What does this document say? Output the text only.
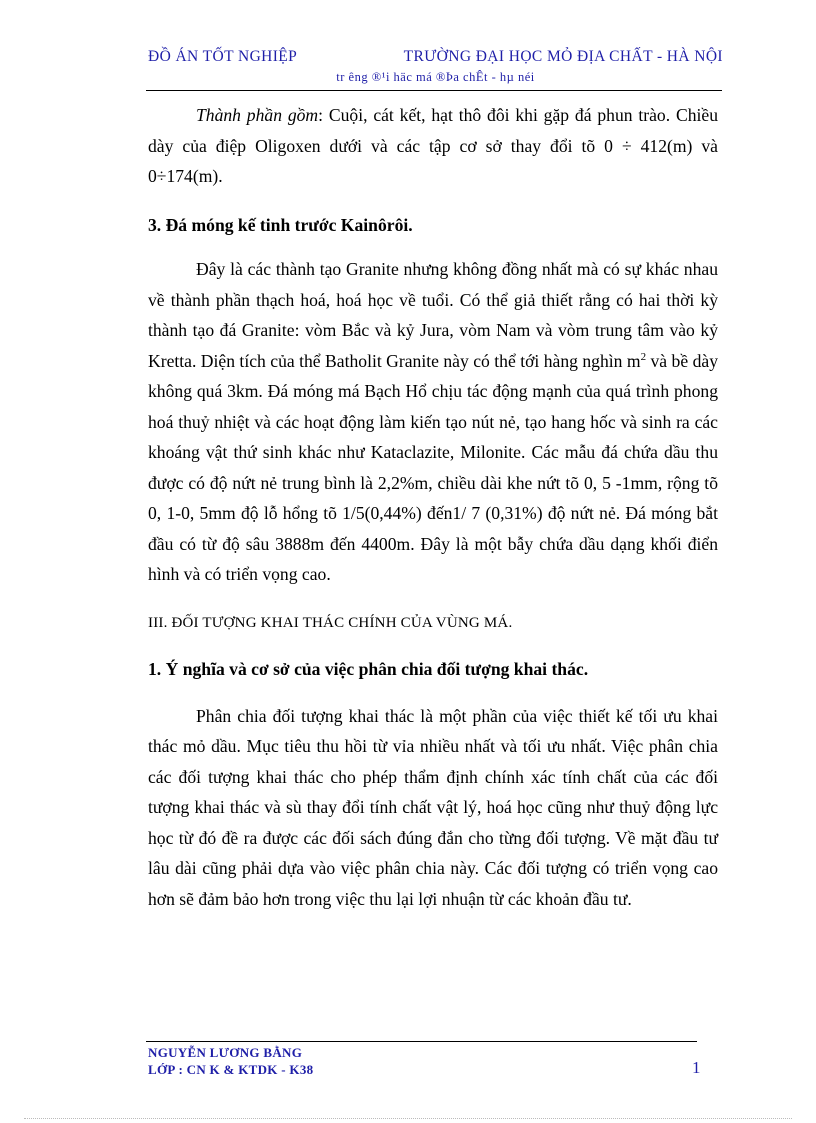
ĐỒ ÁN TỐT NGHIỆP	TRƯỜNG ĐẠI HỌC MỎ ĐỊA CHẤT - HÀ NỘI
tr êng ®¹i häc má ®Þa chÊt - hµ néi

Thành phần gồm: Cuội, cát kết, hạt thô đôi khi gặp đá phun trào. Chiều dày của điệp Oligoxen dưới và các tập cơ sở thay đổi tõ 0 ÷ 412(m) và 0÷174(m).

3. Đá móng kế tinh trước Kainôrôi.

Đây là các thành tạo Granite nhưng không đồng nhất mà có sự khác nhau về thành phần thạch hoá, hoá học về tuổi. Có thể giả thiết rằng có hai thời kỳ thành tạo đá Granite: vòm Bắc và kỷ Jura, vòm Nam và vòm trung tâm vào kỷ Kretta. Diện tích của thể Batholit Granite này có thể tới hàng nghìn $m^2$ và bề dày không quá 3km. Đá móng má Bạch Hổ chịu tác động mạnh của quá trình phong hoá thuỷ nhiệt và các hoạt động làm kiến tạo nút nẻ, tạo hang hốc và sinh ra các khoáng vật thứ sinh khác như Kataclazite, Milonite. Các mẫu đá chứa dầu thu được có độ nứt nẻ trung bình là 2,2%m, chiều dài khe nứt tõ 0, 5 -1mm, rộng tõ 0, 1-0, 5mm độ lỗ hổng tõ 1/5(0,44%) đến1/ 7 (0,31%) độ nứt nẻ. Đá móng bắt đầu có từ độ sâu 3888m đến 4400m. Đây là một bẫy chứa dầu dạng khối điển hình và có triển vọng cao.

III. ĐỐI TƯỢNG KHAI THÁC CHÍNH CỦA VÙNG MÁ.

1. Ý nghĩa và cơ sở của việc phân chia đối tượng khai thác.

Phân chia đối tượng khai thác là một phần của việc thiết kế tối ưu khai thác mỏ dầu. Mục tiêu thu hồi từ vỉa nhiều nhất và tối ưu nhất. Việc phân chia các đối tượng khai thác cho phép thẩm định chính xác tính chất của các đối tượng khai thác và sù thay đổi tính chất vật lý, hoá học cũng như thuỷ động lực học từ đó đề ra được các đối sách đúng đắn cho từng đối tượng. Về mặt đầu tư lâu dài cũng phải dựa vào việc phân chia này. Các đối tượng có triển vọng cao hơn sẽ đảm bảo hơn trong việc thu lại lợi nhuận từ các khoản đầu tư.

NGUYỄN LƯƠNG BẰNG
LỚP : CN K & KTDK - K38	1
